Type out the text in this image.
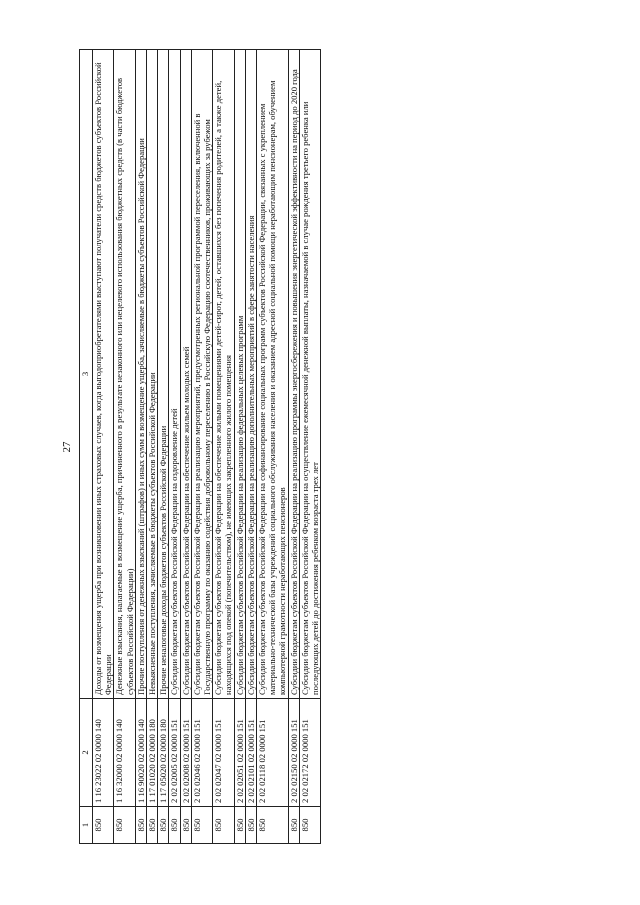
27
1	2	3
850	1 16 23022 02 0000 140	Доходы от возмещения ущерба при возникновении иных страховых случаев, когда выгодоприобретателями выступают получатели средств бюджетов субъектов Российской Федерации
850	1 16 32000 02 0000 140	Денежные взыскания, налагаемые в возмещение ущерба, причиненного в результате незаконного или нецелевого использования бюджетных средств (в части бюджетов субъектов Российской Федерации)
850	1 16 90020 02 0000 140	Прочие поступления от денежных взысканий (штрафов) и иных сумм в возмещение ущерба, зачисляемые в бюджеты субъектов Российской Федерации
850	1 17 01020 02 0000 180	Невыясненные поступления, зачисляемые в бюджеты субъектов Российской Федерации
850	1 17 05020 02 0000 180	Прочие неналоговые доходы бюджетов субъектов Российской Федерации
850	2 02 02005 02 0000 151	Субсидии бюджетам субъектов Российской Федерации на оздоровление детей
850	2 02 02008 02 0000 151	Субсидии бюджетам субъектов Российской Федерации на обеспечение жильем молодых семей
850	2 02 02046 02 0000 151	Субсидии бюджетам субъектов Российской Федерации на реализацию мероприятий, предусмотренных региональной программой переселения, включенной в Государственную программу по оказанию содействия добровольному переселению в Российскую Федерацию соотечественников, проживающих за рубежом
850	2 02 02047 02 0000 151	Субсидии бюджетам субъектов Российской Федерации на обеспечение жилыми помещениями детей-сирот, детей, оставшихся без попечения родителей, а также детей, находящихся под опекой (попечительством), не имеющих закрепленного жилого помещения
850	2 02 02051 02 0000 151	Субсидии бюджетам субъектов Российской Федерации на реализацию федеральных целевых программ
850	2 02 02101 02 0000 151	Субсидии бюджетам субъектов Российской Федерации на реализацию дополнительных мероприятий в сфере занятости населения
850	2 02 02118 02 0000 151	Субсидии бюджетам субъектов Российской Федерации на софинансирование социальных программ субъектов Российской Федерации, связанных с укреплением материально-технической базы учреждений социального обслуживания населения и оказанием адресной социальной помощи неработающим пенсионерам, обучением компьютерной грамотности неработающих пенсионеров
850	2 02 02150 02 0000 151	Субсидии бюджетам субъектов Российской Федерации на реализацию программы энергосбережения и повышения энергетической эффективности на период до 2020 года
850	2 02 02172 02 0000 151	Субсидии бюджетам субъектов Российской Федерации на осуществление ежемесячной денежной выплаты, назначаемой в случае рождения третьего ребенка или последующих детей до достижения ребенком возраста трех лет
